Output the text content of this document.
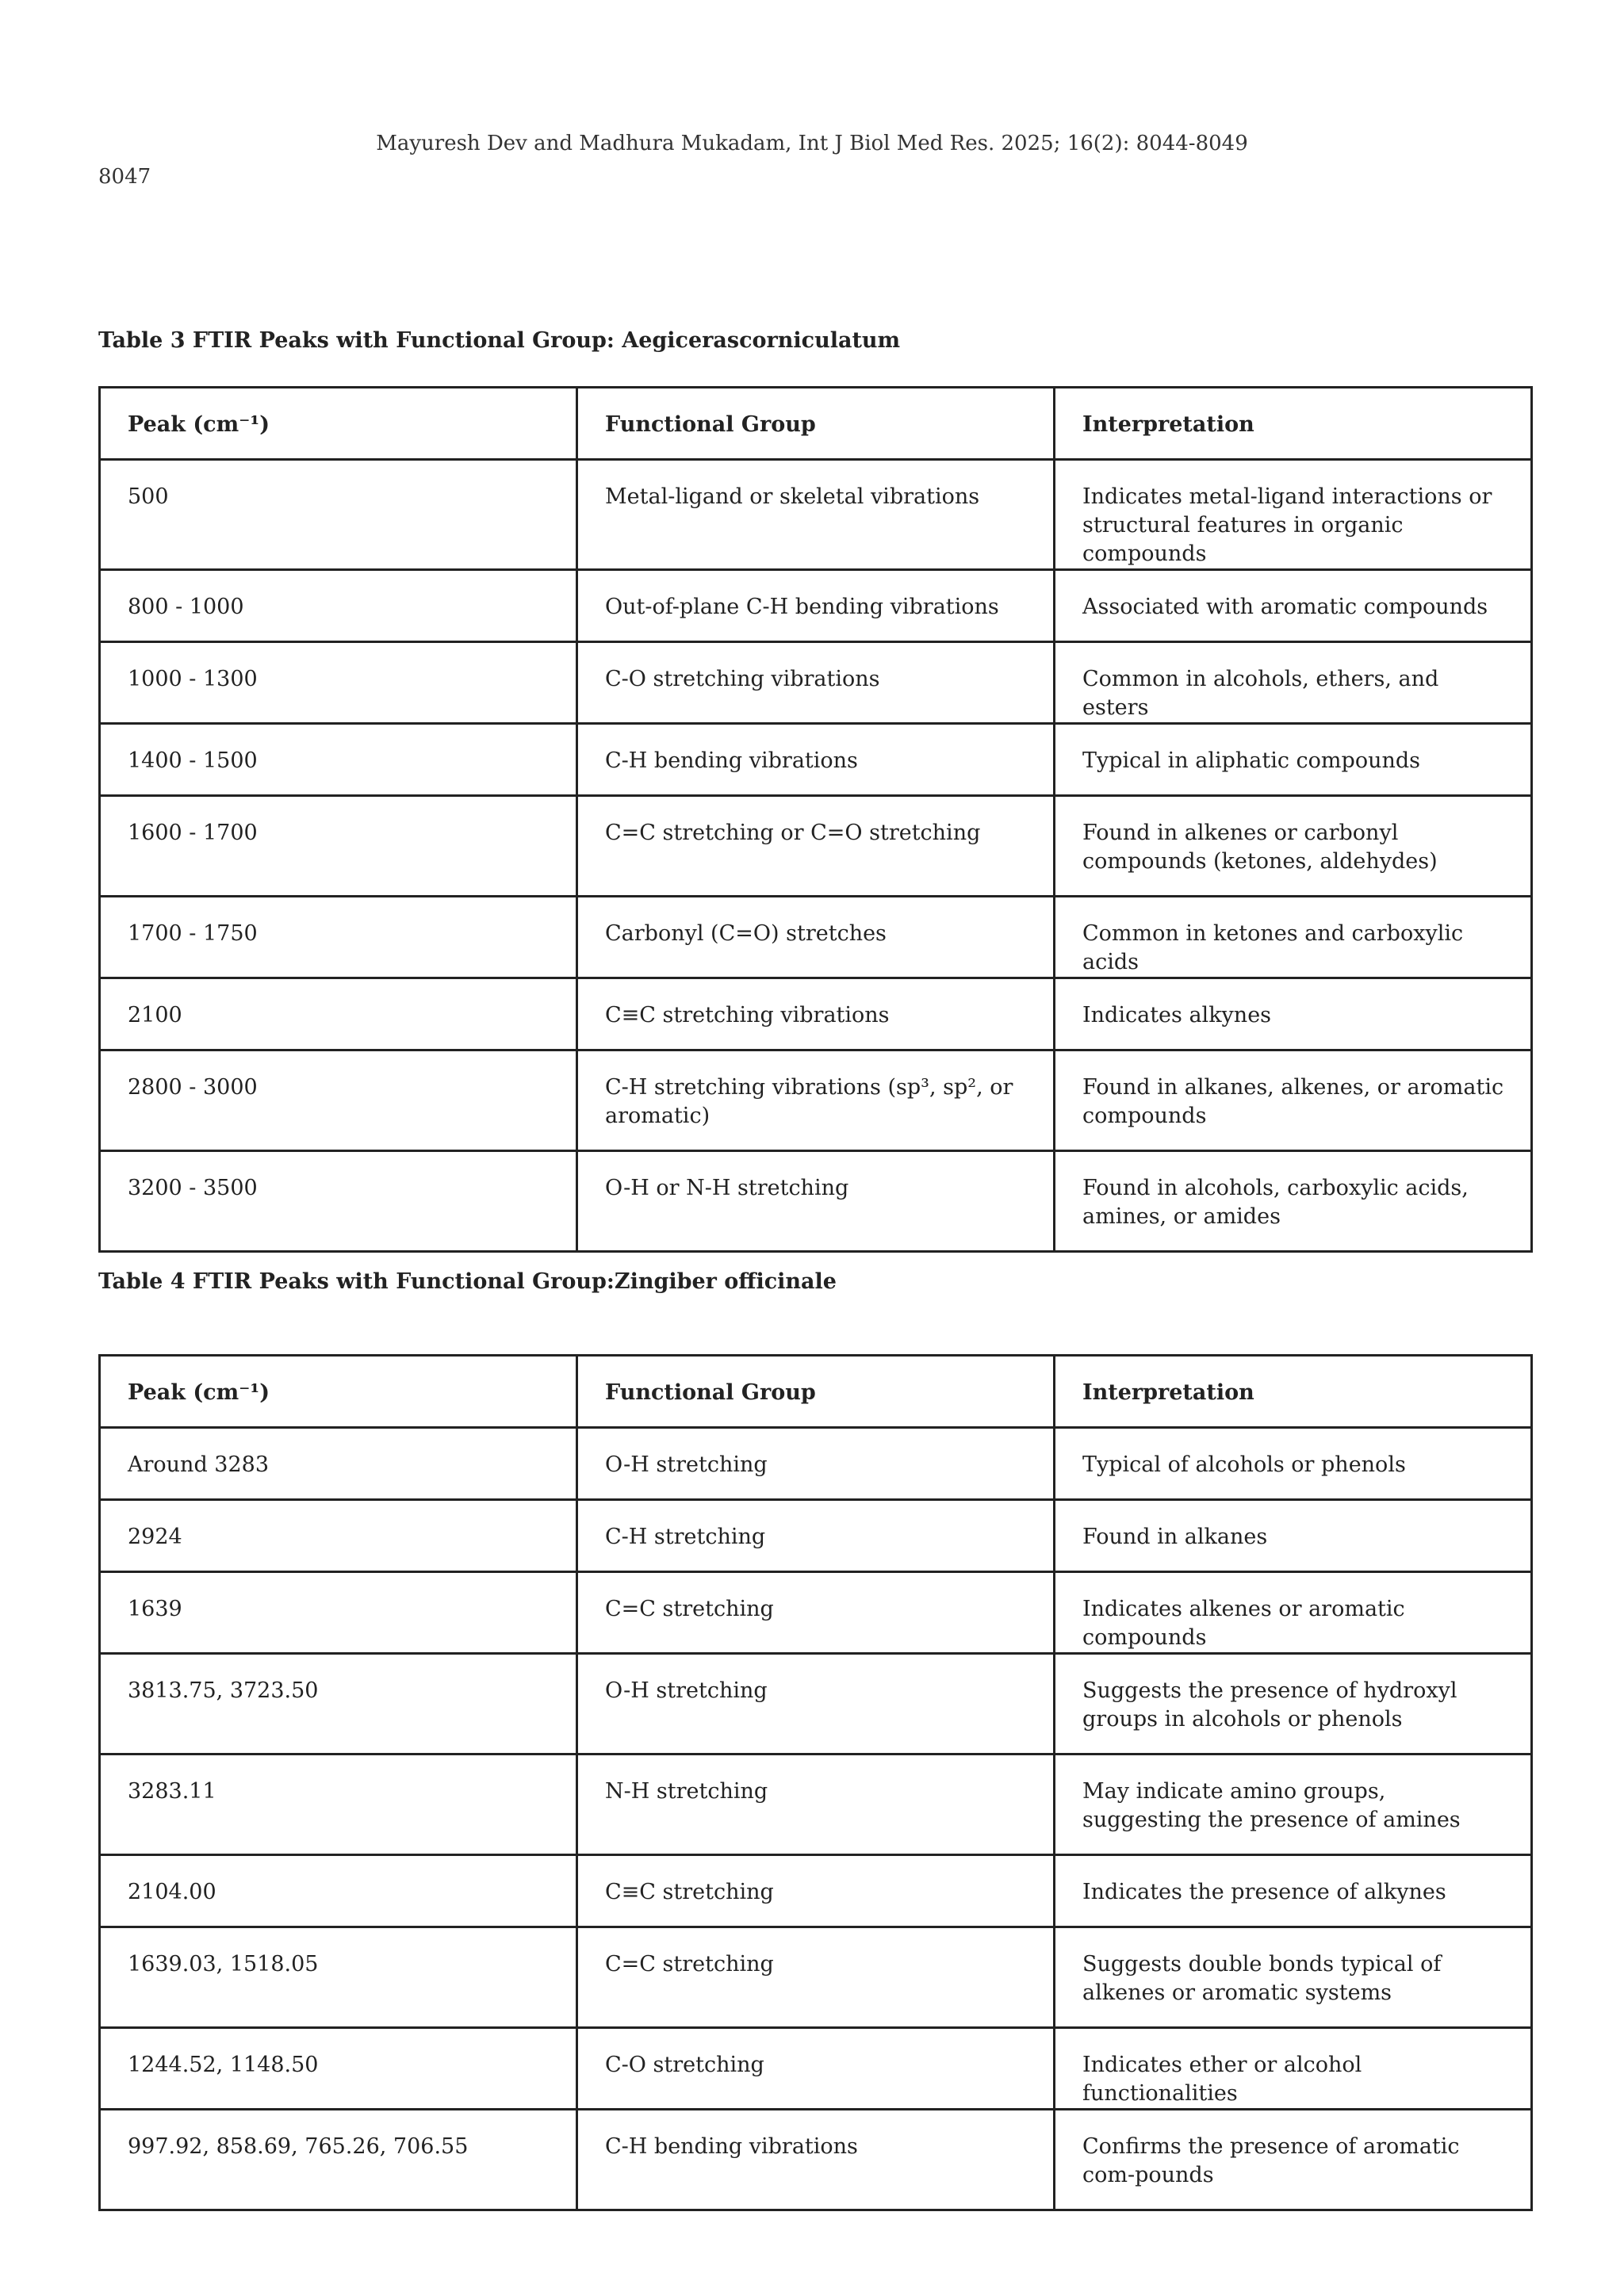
Mayuresh Dev and Madhura Mukadam, Int J Biol Med Res. 2025; 16(2): 8044-8049
8047
Table 3 FTIR Peaks with Functional Group: Aegicerascorniculatum
Peak (cm⁻¹)	Functional Group	Interpretation
500	Metal-ligand or skeletal vibrations	Indicates metal-ligand interactions or structural features in organic compounds
800 - 1000	Out-of-plane C-H bending vibrations	Associated with aromatic compounds
1000 - 1300	C-O stretching vibrations	Common in alcohols, ethers, and esters
1400 - 1500	C-H bending vibrations	Typical in aliphatic compounds
1600 - 1700	C=C stretching or C=O stretching	Found in alkenes or carbonyl compounds (ketones, aldehydes)
1700 - 1750	Carbonyl (C=O) stretches	Common in ketones and carboxylic acids
2100	C≡C stretching vibrations	Indicates alkynes
2800 - 3000	C-H stretching vibrations (sp³, sp², or aromatic)	Found in alkanes, alkenes, or aromatic compounds
3200 - 3500	O-H or N-H stretching	Found in alcohols, carboxylic acids, amines, or amides
Table 4 FTIR Peaks with Functional Group:Zingiber officinale
Peak (cm⁻¹)	Functional Group	Interpretation
Around 3283	O-H stretching	Typical of alcohols or phenols
2924	C-H stretching	Found in alkanes
1639	C=C stretching	Indicates alkenes or aromatic compounds
3813.75, 3723.50	O-H stretching	Suggests the presence of hydroxyl groups in alcohols or phenols
3283.11	N-H stretching	May indicate amino groups, suggesting the presence of amines
2104.00	C≡C stretching	Indicates the presence of alkynes
1639.03, 1518.05	C=C stretching	Suggests double bonds typical of alkenes or aromatic systems
1244.52, 1148.50	C-O stretching	Indicates ether or alcohol functionalities
997.92, 858.69, 765.26, 706.55	C-H bending vibrations	Confirms the presence of aromatic com-pounds
